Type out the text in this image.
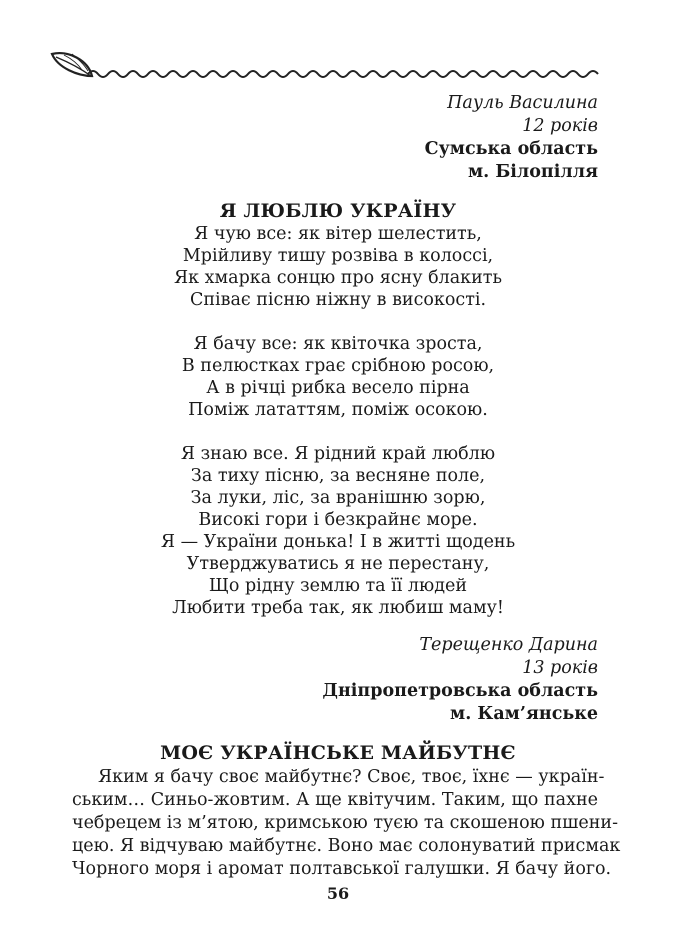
Пауль Василина
12 років
Сумська область
м. Білопілля
Я ЛЮБЛЮ УКРАЇНУ
Я чую все: як вітер шелестить,
Мрійливу тишу розвіва в колоссі,
Як хмарка сонцю про ясну блакить
Співає пісню ніжну в високості.
Я бачу все: як квіточка зроста,
В пелюстках грає срібною росою,
А в річці рибка весело пірна
Поміж лататтям, поміж осокою.
Я знаю все. Я рідний край люблю
За тиху пісню, за весняне поле,
За луки, ліс, за вранішню зорю,
Високі гори і безкрайнє море.
Я — України донька! І в житті щодень
Утверджуватись я не перестану,
Що рідну землю та її людей
Любити треба так, як любиш маму!
Терещенко Дарина
13 років
Дніпропетровська область
м. Кам’янське
МОЄ УКРАЇНСЬКЕ МАЙБУТНЄ
Яким я бачу своє майбутнє? Своє, твоє, їхнє — україн-
ським… Синьо-жовтим. А ще квітучим. Таким, що пахне
чебрецем із м’ятою, кримською туєю та скошеною пшени-
цею. Я відчуваю майбутнє. Воно має солонуватий присмак
Чорного моря і аромат полтавської галушки. Я бачу його.
56
